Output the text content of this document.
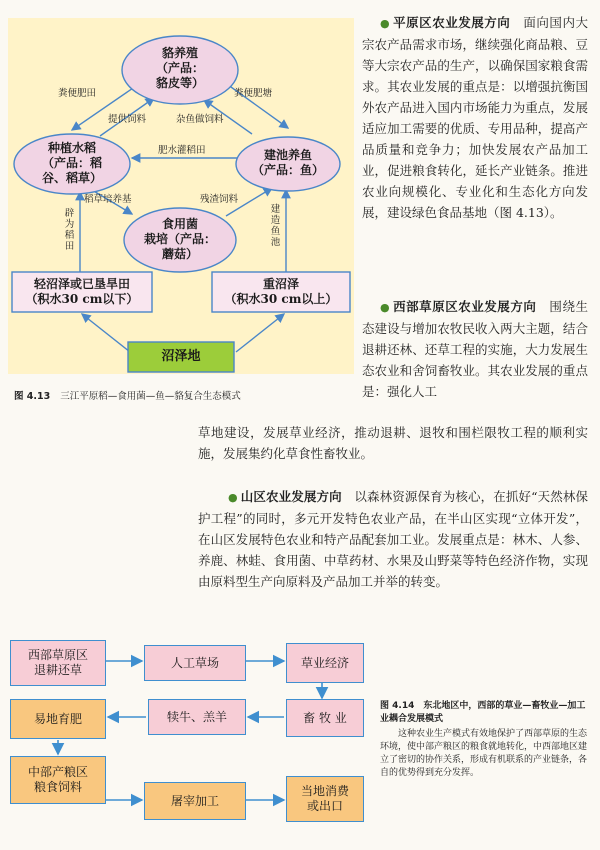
貉养殖
（产品：
貉皮等）
种植水稻
（产品：稻
谷、稻草）
建池养鱼
（产品：鱼）
食用菌
栽培（产品：
蘑菇）
轻沼泽或已垦旱田
（积水30 cm以下）
重沼泽
（积水30 cm以上）
沼泽地
粪便肥田
提供饲料	杂鱼做饲料
粪便肥塘
肥水灌稻田
稻草培养基	残渣饲料
辟为稻田
建造鱼池
图 4.13 三江平原稻—食用菌—鱼—貉复合生态模式
● 平原区农业发展方向　 面向国内大宗农产品需求市场，继续强化商品粮、豆等大宗农产品的生产，以确保国家粮食需求。其农业发展的重点是：以增强抗衡国外农产品进入国内市场能力为重点，发展适应加工需要的优质、专用品种，提高产品质量和竞争力；加快发展农产品加工业，促进粮食转化，延长产业链条。推进农业向规模化、专业化和生态化方向发展，建设绿色食品基地（图 4.13）。
● 西部草原区农业发展方向　 围绕生态建设与增加农牧民收入两大主题，结合退耕还林、还草工程的实施，大力发展生态农业和舍饲畜牧业。其农业发展的重点是：强化人工
草地建设，发展草业经济，推动退耕、退牧和围栏限牧工程的顺利实施，发展集约化草食性畜牧业。
● 山区农业发展方向　 以森林资源保育为核心，在抓好“天然林保护工程”的同时，多元开发特色农业产品，在半山区实现“立体开发”，在山区发展特色农业和特产品配套加工业。发展重点是：林木、人参、养鹿、林蛙、食用菌、中草药材、水果及山野菜等特色经济作物，实现由原料型生产向原料及产品加工并举的转变。
西部草原区
退耕还草
人工草场	草业经济
易地育肥	犊牛、羔羊	畜 牧 业
中部产粮区
粮食饲料
屠宰加工
当地消费
或出口
图 4.14　 东北地区中，西部的草业—畜牧业—加工业耦合发展模式
这种农业生产模式有效地保护了西部草原的生态环境，使中部产粮区的粮食就地转化，中西部地区建立了密切的协作关系，形成有机联系的产业链条，各自的优势得到充分发挥。
